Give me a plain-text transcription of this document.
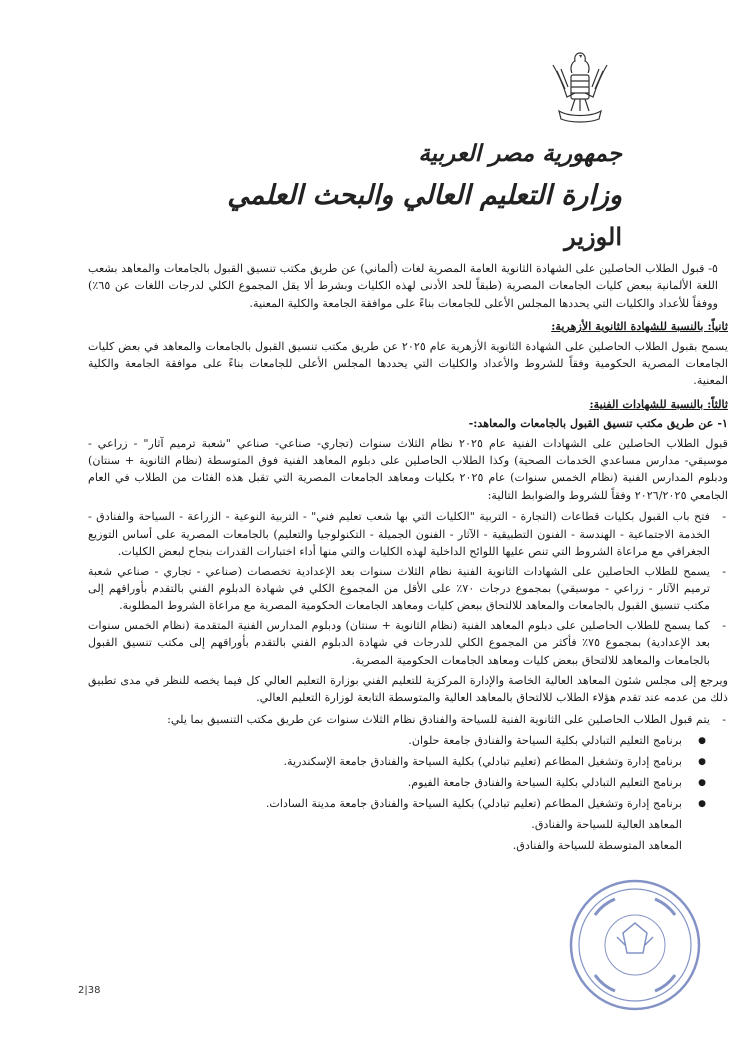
جمهورية مصر العربية
وزارة التعليم العالي والبحث العلمي
الوزير

٥- قبول الطلاب الحاصلين على الشهادة الثانوية العامة المصرية لغات (ألماني) عن طريق مكتب تنسيق القبول بالجامعات والمعاهد بشعب اللغة الألمانية ببعض كليات الجامعات المصرية (طبقاً للحد الأدنى لهذه الكليات وبشرط ألا يقل المجموع الكلي لدرجات اللغات عن ٦٥٪) ووفقاً للأعداد والكليات التي يحددها المجلس الأعلى للجامعات بناءً على موافقة الجامعة والكلية المعنية.

ثانياً: بالنسبة للشهادة الثانوية الأزهرية:

يسمح بقبول الطلاب الحاصلين على الشهادة الثانوية الأزهرية عام ٢٠٢٥ عن طريق مكتب تنسيق القبول بالجامعات والمعاهد في بعض كليات الجامعات المصرية الحكومية وفقاً للشروط والأعداد والكليات التي يحددها المجلس الأعلى للجامعات بناءً على موافقة الجامعة والكلية المعنية.

ثالثاً: بالنسبة للشهادات الفنية:

١- عن طريق مكتب تنسيق القبول بالجامعات والمعاهد:-

قبول الطلاب الحاصلين على الشهادات الفنية عام ٢٠٢٥ نظام الثلاث سنوات (تجاري- صناعي- صناعي "شعبة ترميم آثار" - زراعي - موسيقي- مدارس مساعدي الخدمات الصحية) وكذا الطلاب الحاصلين على دبلوم المعاهد الفنية فوق المتوسطة (نظام الثانوية + سنتان) ودبلوم المدارس الفنية (نظام الخمس سنوات) عام ٢٠٢٥ بكليات ومعاهد الجامعات المصرية التي تقبل هذه الفئات من الطلاب في العام الجامعي ٢٠٢٦/٢٠٢٥ وفقاً للشروط والضوابط التالية:

- فتح باب القبول بكليات قطاعات (التجارة - التربية "الكليات التي بها شعب تعليم فني" - التربية النوعية - الزراعة - السياحة والفنادق - الخدمة الاجتماعية - الهندسة - الفنون التطبيقية - الآثار - الفنون الجميلة - التكنولوجيا والتعليم) بالجامعات المصرية على أساس التوزيع الجغرافي مع مراعاة الشروط التي تنص عليها اللوائح الداخلية لهذه الكليات والتي منها أداء اختبارات القدرات بنجاح لبعض الكليات.
- يسمح للطلاب الحاصلين على الشهادات الثانوية الفنية نظام الثلاث سنوات بعد الإعدادية تخصصات (صناعي - تجاري - صناعي شعبة ترميم الآثار - زراعي - موسيقي) بمجموع درجات ٧٠٪ على الأقل من المجموع الكلي في شهادة الدبلوم الفني بالتقدم بأوراقهم إلى مكتب تنسيق القبول بالجامعات والمعاهد للالتحاق ببعض كليات ومعاهد الجامعات الحكومية المصرية مع مراعاة الشروط المطلوبة.
- كما يسمح للطلاب الحاصلين على دبلوم المعاهد الفنية (نظام الثانوية + سنتان) ودبلوم المدارس الفنية المتقدمة (نظام الخمس سنوات بعد الإعدادية) بمجموع ٧٥٪ فأكثر من المجموع الكلي للدرجات في شهادة الدبلوم الفني بالتقدم بأوراقهم إلى مكتب تنسيق القبول بالجامعات والمعاهد للالتحاق ببعض كليات ومعاهد الجامعات الحكومية المصرية.

ويرجع إلى مجلس شئون المعاهد العالية الخاصة والإدارة المركزية للتعليم الفني بوزارة التعليم العالي كل فيما يخصه للنظر في مدى تطبيق ذلك من عدمه عند تقدم هؤلاء الطلاب للالتحاق بالمعاهد العالية والمتوسطة التابعة لوزارة التعليم العالي.

- يتم قبول الطلاب الحاصلين على الثانوية الفنية للسياحة والفنادق نظام الثلاث سنوات عن طريق مكتب التنسيق بما يلي:
● برنامج التعليم التبادلي بكلية السياحة والفنادق جامعة حلوان.
● برنامج إدارة وتشغيل المطاعم (تعليم تبادلي) بكلية السياحة والفنادق جامعة الإسكندرية.
● برنامج التعليم التبادلي بكلية السياحة والفنادق جامعة الفيوم.
● برنامج إدارة وتشغيل المطاعم (تعليم تبادلي) بكلية السياحة والفنادق جامعة مدينة السادات.
المعاهد العالية للسياحة والفنادق.
المعاهد المتوسطة للسياحة والفنادق.
2|38
